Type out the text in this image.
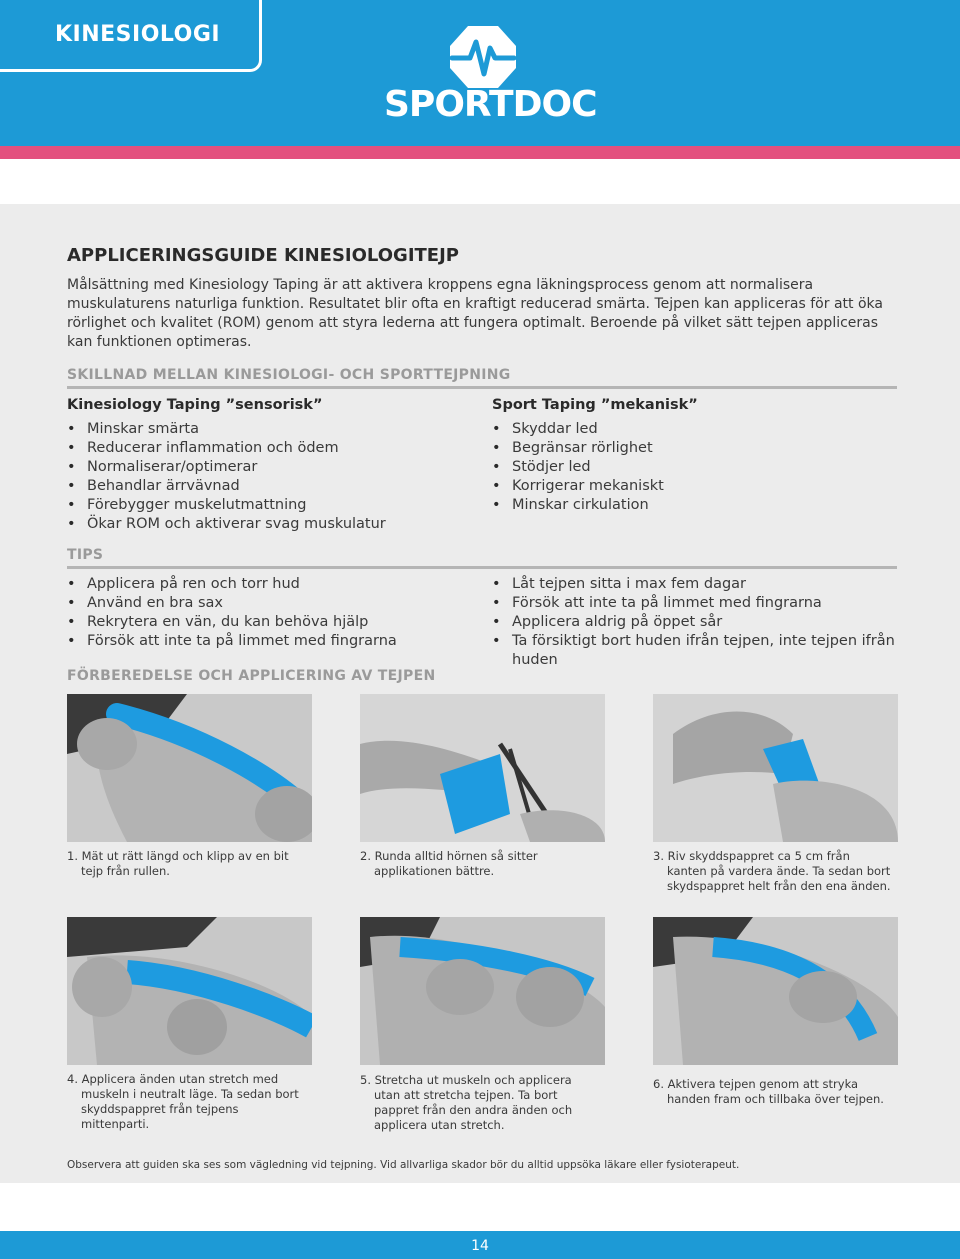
KINESIOLOGI
SPORTDOC
APPLICERINGSGUIDE KINESIOLOGITEJP

Målsättning med Kinesiology Taping är att aktivera kroppens egna läkningsprocess genom att normalisera muskulaturens naturliga funktion. Resultatet blir ofta en kraftigt reducerad smärta. Tejpen kan appliceras för att öka rörlighet och kvalitet (ROM) genom att styra lederna att fungera optimalt. Beroende på vilket sätt tejpen appliceras kan funktionen optimeras.

SKILLNAD MELLAN KINESIOLOGI- OCH SPORTTEJPNING
Kinesiology Taping ”sensorisk”
• Minskar smärta
• Reducerar inflammation och ödem
• Normaliserar/optimerar
• Behandlar ärrvävnad
• Förebygger muskelutmattning
• Ökar ROM och aktiverar svag muskulatur
Sport Taping ”mekanisk”
• Skyddar led
• Begränsar rörlighet
• Stödjer led
• Korrigerar mekaniskt
• Minskar cirkulation
TIPS
• Applicera på ren och torr hud
• Använd en bra sax
• Rekrytera en vän, du kan behöva hjälp
• Försök att inte ta på limmet med fingrarna
• Låt tejpen sitta i max fem dagar
• Försök att inte ta på limmet med fingrarna
• Applicera aldrig på öppet sår
• Ta försiktigt bort huden ifrån tejpen, inte tejpen ifrån huden
FÖRBEREDELSE OCH APPLICERING AV TEJPEN
1. Mät ut rätt längd och klipp av en bit tejp från rullen.
2. Runda alltid hörnen så sitter applikationen bättre.
3. Riv skyddspappret ca 5 cm från kanten på vardera ände. Ta sedan bort skydspappret helt från den ena änden.
4. Applicera änden utan stretch med muskeln i neutralt läge. Ta sedan bort skyddspappret från tejpens mittenparti.
5. Stretcha ut muskeln och applicera utan att stretcha tejpen. Ta bort pappret från den andra änden och applicera utan stretch.
6. Aktivera tejpen genom att stryka handen fram och tillbaka över tejpen.
Observera att guiden ska ses som vägledning vid tejpning. Vid allvarliga skador bör du alltid uppsöka läkare eller fysioterapeut.
14
